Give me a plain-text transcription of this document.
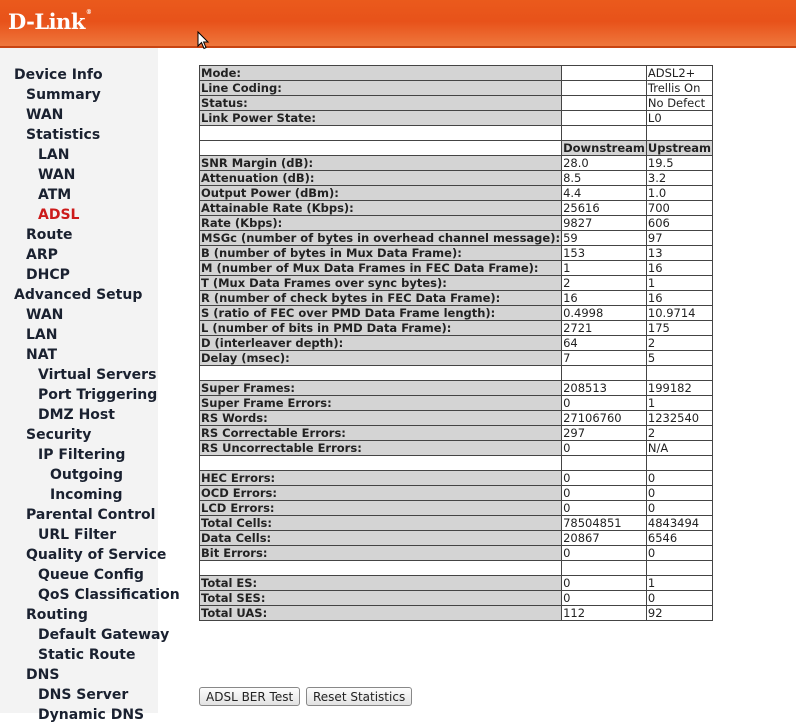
D-Link®
Device Info
Summary
WAN
Statistics
LAN
WAN
ATM
ADSL
Route
ARP
DHCP
Advanced Setup
WAN
LAN
NAT
Virtual Servers
Port Triggering
DMZ Host
Security
IP Filtering
Outgoing
Incoming
Parental Control
URL Filter
Quality of Service
Queue Config
QoS Classification
Routing
Default Gateway
Static Route
DNS
DNS Server
Dynamic DNS
Mode:		ADSL2+
Line Coding:		Trellis On
Status:		No Defect
Link Power State:		L0

	Downstream	Upstream
SNR Margin (dB):	28.0	19.5
Attenuation (dB):	8.5	3.2
Output Power (dBm):	4.4	1.0
Attainable Rate (Kbps):	25616	700
Rate (Kbps):	9827	606
MSGc (number of bytes in overhead channel message):	59	97
B (number of bytes in Mux Data Frame):	153	13
M (number of Mux Data Frames in FEC Data Frame):	1	16
T (Mux Data Frames over sync bytes):	2	1
R (number of check bytes in FEC Data Frame):	16	16
S (ratio of FEC over PMD Data Frame length):	0.4998	10.9714
L (number of bits in PMD Data Frame):	2721	175
D (interleaver depth):	64	2
Delay (msec):	7	5

Super Frames:	208513	199182
Super Frame Errors:	0	1
RS Words:	27106760	1232540
RS Correctable Errors:	297	2
RS Uncorrectable Errors:	0	N/A

HEC Errors:	0	0
OCD Errors:	0	0
LCD Errors:	0	0
Total Cells:	78504851	4843494
Data Cells:	20867	6546
Bit Errors:	0	0

Total ES:	0	1
Total SES:	0	0
Total UAS:	112	92
ADSL BER Test	Reset Statistics
